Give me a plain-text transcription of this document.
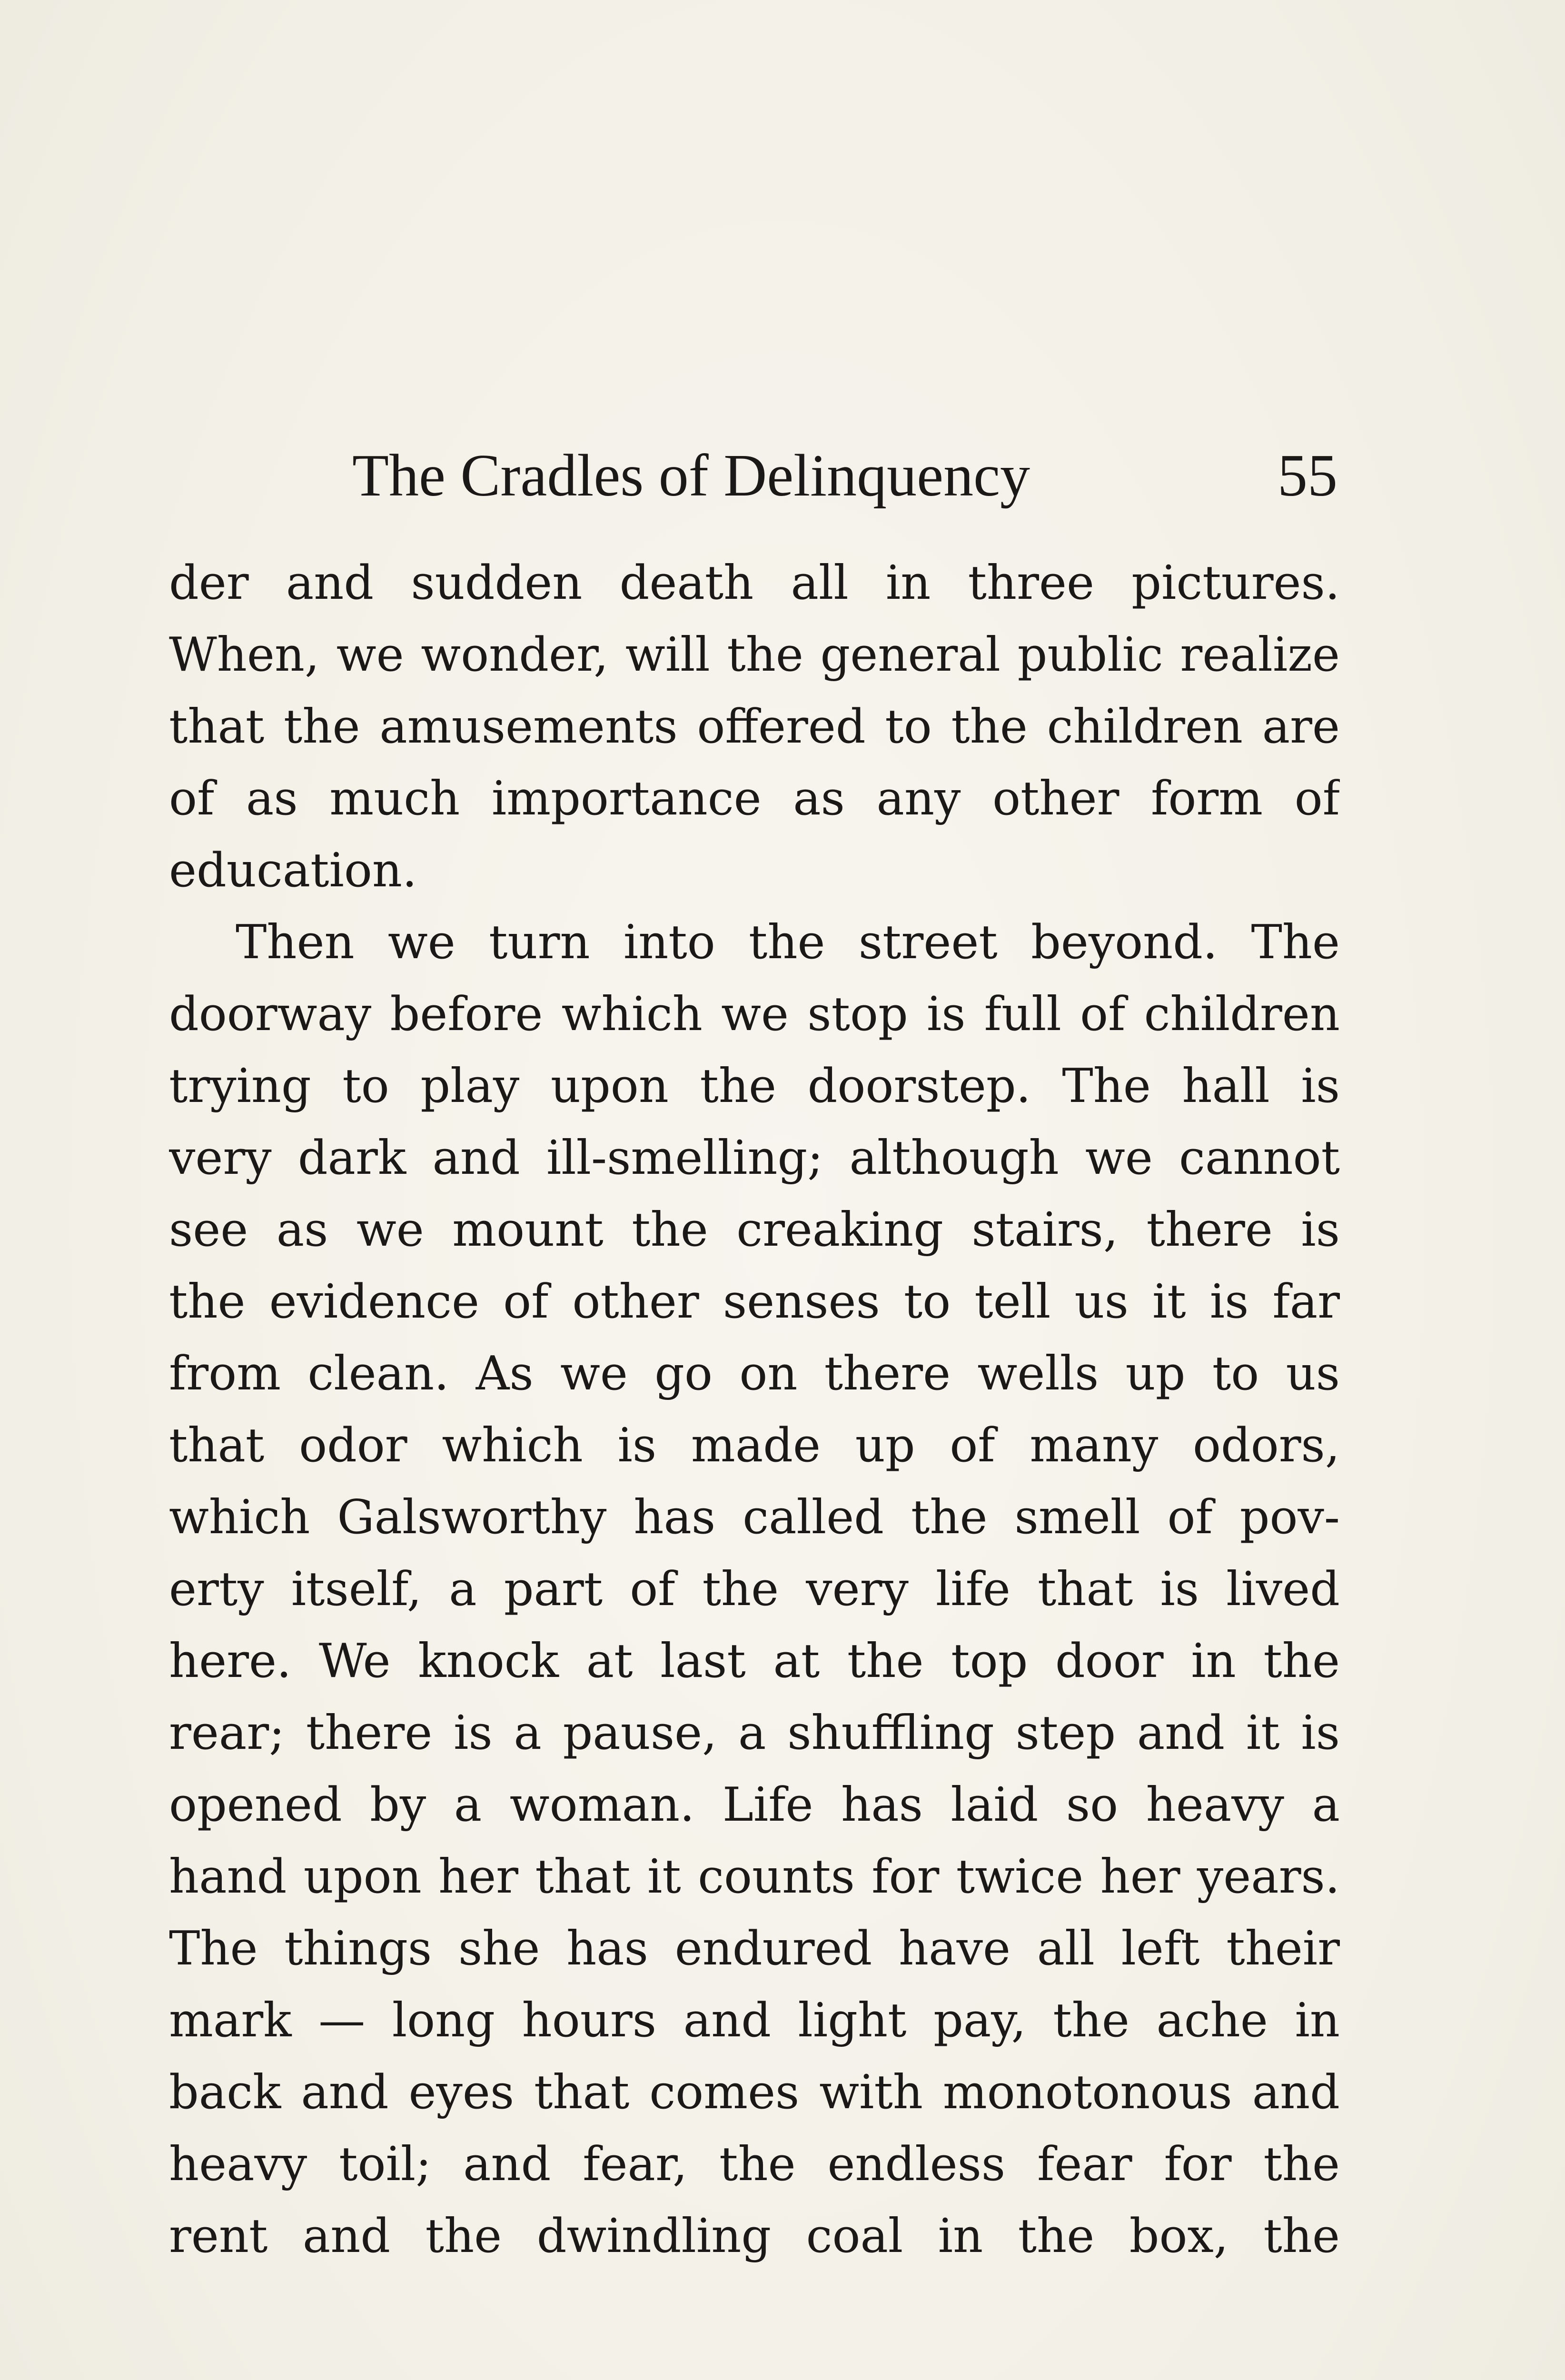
The Cradles of Delinquency	55
der and sudden death all in three pictures.
When, we wonder, will the general public realize
that the amusements offered to the children are
of as much importance as any other form of
education.
Then we turn into the street beyond. The
doorway before which we stop is full of children
trying to play upon the doorstep. The hall is
very dark and ill-smelling; although we cannot
see as we mount the creaking stairs, there is
the evidence of other senses to tell us it is far
from clean. As we go on there wells up to us
that odor which is made up of many odors,
which Galsworthy has called the smell of pov-
erty itself, a part of the very life that is lived
here. We knock at last at the top door in the
rear; there is a pause, a shuffling step and it is
opened by a woman. Life has laid so heavy a
hand upon her that it counts for twice her years.
The things she has endured have all left their
mark — long hours and light pay, the ache in
back and eyes that comes with monotonous and
heavy toil; and fear, the endless fear for the
rent and the dwindling coal in the box, the
